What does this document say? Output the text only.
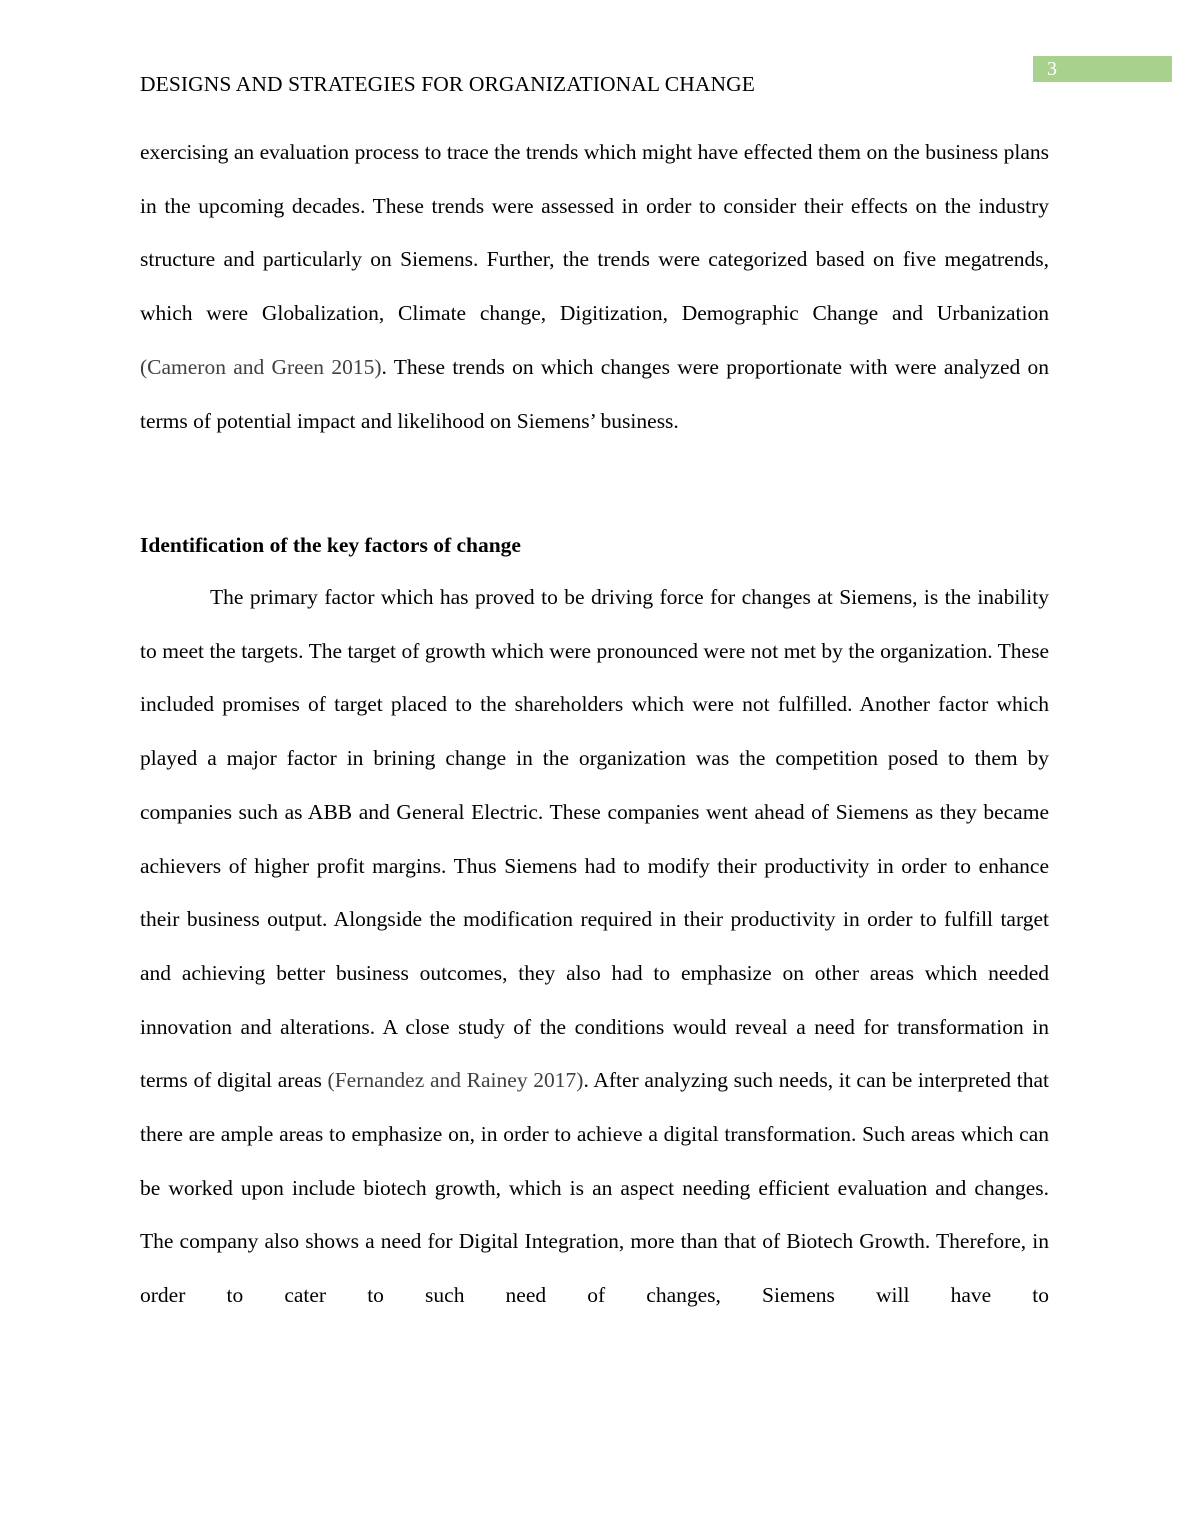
3
DESIGNS AND STRATEGIES FOR ORGANIZATIONAL CHANGE

exercising an evaluation process to trace the trends which might have effected them on the business plans in the upcoming decades. These trends were assessed in order to consider their effects on the industry structure and particularly on Siemens. Further, the trends were categorized based on five megatrends, which were Globalization, Climate change, Digitization, Demographic Change and Urbanization (Cameron and Green 2015). These trends on which changes were proportionate with were analyzed on terms of potential impact and likelihood on Siemens’ business.

Identification of the key factors of change

The primary factor which has proved to be driving force for changes at Siemens, is the inability to meet the targets. The target of growth which were pronounced were not met by the organization. These included promises of target placed to the shareholders which were not fulfilled. Another factor which played a major factor in brining change in the organization was the competition posed to them by companies such as ABB and General Electric. These companies went ahead of Siemens as they became achievers of higher profit margins. Thus Siemens had to modify their productivity in order to enhance their business output. Alongside the modification required in their productivity in order to fulfill target and achieving better business outcomes, they also had to emphasize on other areas which needed innovation and alterations. A close study of the conditions would reveal a need for transformation in terms of digital areas (Fernandez and Rainey 2017). After analyzing such needs, it can be interpreted that there are ample areas to emphasize on, in order to achieve a digital transformation. Such areas which can be worked upon include biotech growth, which is an aspect needing efficient evaluation and changes. The company also shows a need for Digital Integration, more than that of Biotech Growth. Therefore, in order to cater to such need of changes, Siemens will have to
